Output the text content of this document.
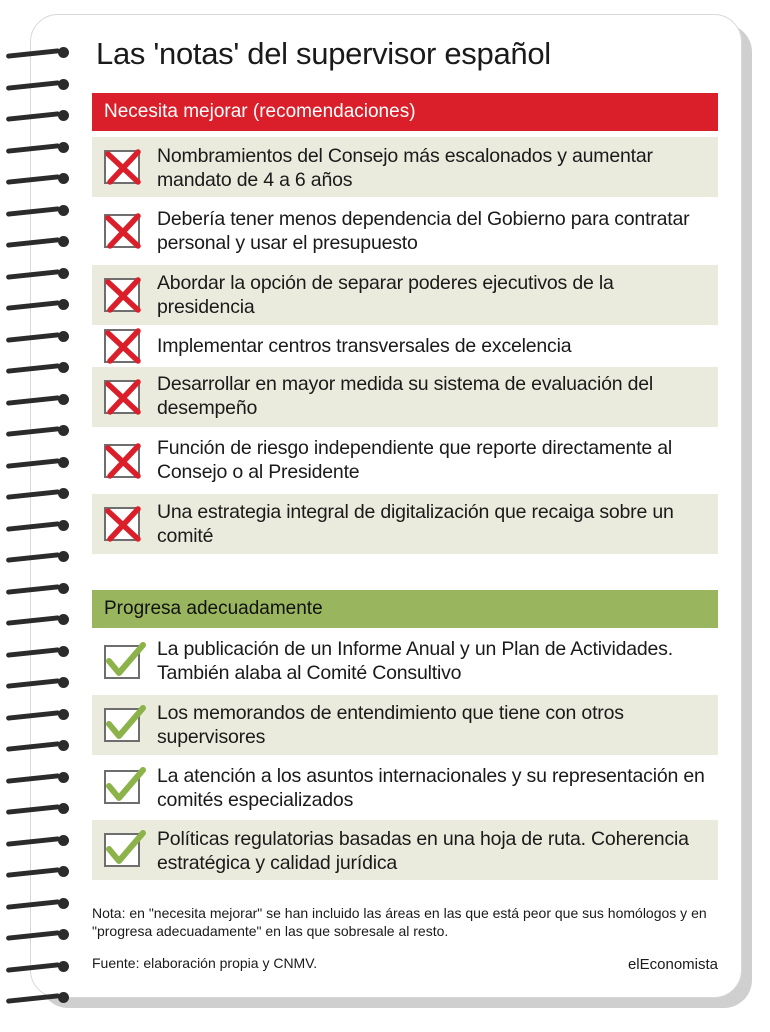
Las 'notas' del supervisor español
Necesita mejorar (recomendaciones)
Nombramientos del Consejo más escalonados y aumentar mandato de 4 a 6 años
Debería tener menos dependencia del Gobierno para contratar personal y usar el presupuesto
Abordar la opción de separar poderes ejecutivos de la presidencia
Implementar centros transversales de excelencia
Desarrollar en mayor medida su sistema de evaluación del desempeño
Función de riesgo independiente que reporte directamente al Consejo o al Presidente
Una estrategia integral de digitalización que recaiga sobre un comité
Progresa adecuadamente
La publicación de un Informe Anual y un Plan de Actividades. También alaba al Comité Consultivo
Los memorandos de entendimiento que tiene con otros supervisores
La atención a los asuntos internacionales y su representación en comités especializados
Políticas regulatorias basadas en una hoja de ruta. Coherencia estratégica y calidad jurídica
Nota: en "necesita mejorar" se han incluido las áreas en las que está peor que sus homólogos y en "progresa adecuadamente" en las que sobresale al resto.
Fuente: elaboración propia y CNMV.	elEconomista
